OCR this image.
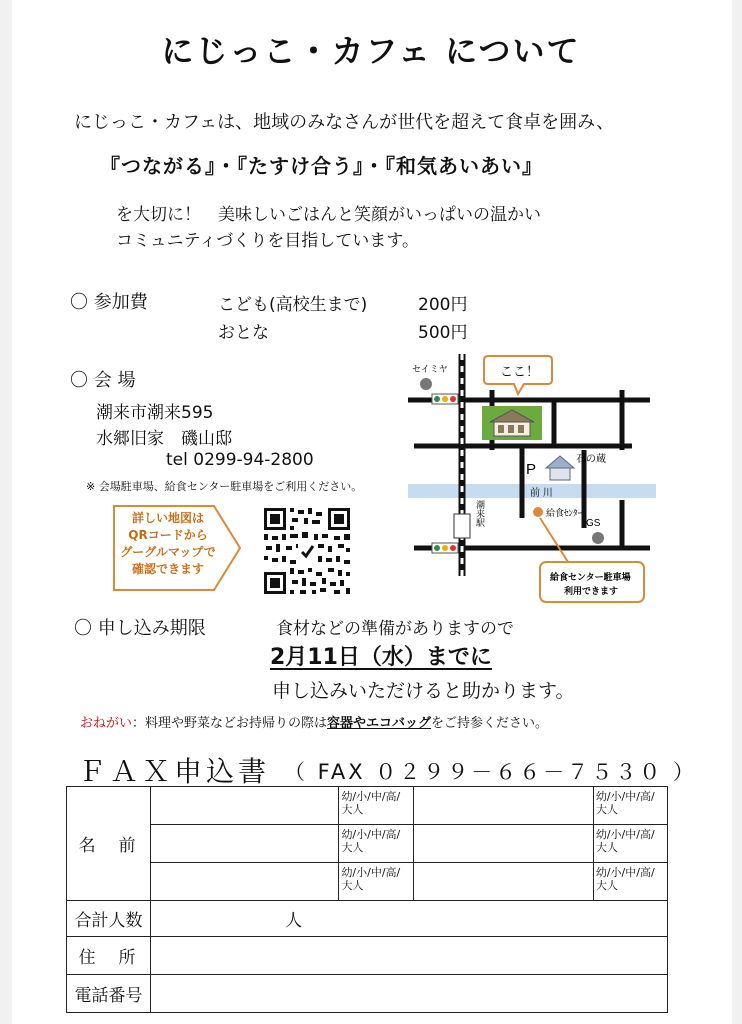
にじっこ・カフェ について
にじっこ・カフェは、地域のみなさんが世代を超えて食卓を囲み、
『つながる』・『たすけ合う』・『和気あいあい』
を大切に！　美味しいごはんと笑顔がいっぱいの温かい
コミュニティづくりを目指しています。
〇 参加費	こども(高校生まで)	200円
おとな	500円
〇 会 場
潮来市潮来595
水郷旧家　磯山邸
tel 0299-94-2800
※ 会場駐車場、給食センター駐車場をご利用ください。
詳しい地図は
QRコードから
グーグルマップで
確認できます
セイミヤ	ここ！
P
石の蔵
前 川
潮来駅	給食ｾﾝﾀｰ
GS
給食センター駐車場
利用できます
〇 申し込み期限	食材などの準備がありますので
2月11日（水）までに
申し込みいただけると助かります。
おねがい：料理や野菜などお持帰りの際は容器やエコバッグをご持参ください。
ＦＡＸ申込書 （ FAX ０２９９－６６－７５３０ ）
名　前		幼/小/中/高/大人		幼/小/中/高/大人
		幼/小/中/高/大人		幼/小/中/高/大人
		幼/小/中/高/大人		幼/小/中/高/大人
合計人数	人			
住　所				
電話番号				
